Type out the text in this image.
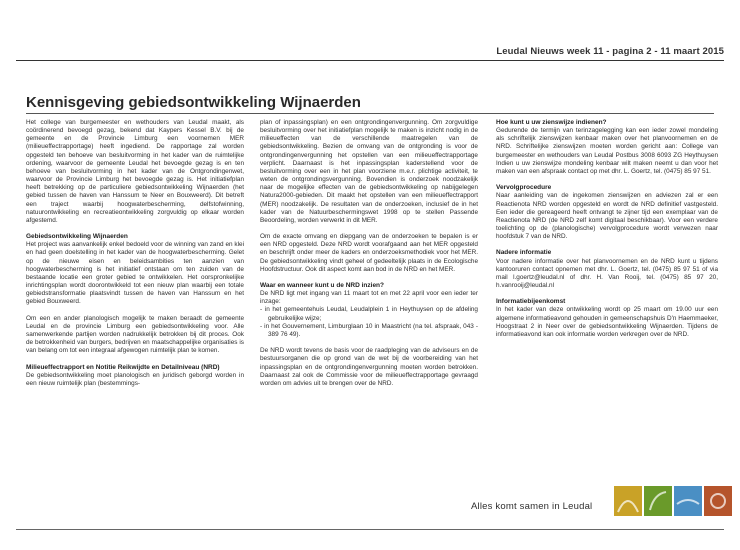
Leudal Nieuws week 11 - pagina 2 - 11 maart 2015
Kennisgeving gebiedsontwikkeling Wijnaerden

Het college van burgemeester en wethouders van Leudal maakt, als coördinerend bevoegd gezag, bekend dat Kaypers Kessel B.V. bij de gemeente en de Provincie Limburg een voornemen MER (milieueffectrapportage) heeft ingediend. De rapportage zal worden opgesteld ten behoeve van besluitvorming in het kader van de ruimtelijke ordening, waarvoor de gemeente Leudal het bevoegde gezag is en ten behoeve van besluitvorming in het kader van de Ontgrondingenwet, waarvoor de Provincie Limburg het bevoegde gezag is. Het initiatiefplan heeft betrekking op de particuliere gebiedsontwikkeling Wijnaerden (het gebied tussen de haven van Hanssum te Neer en Bouxweerd). Dit betreft een traject waarbij hoogwaterbescherming, delfstofwinning, natuurontwikkeling en recreatieontwikkeling zorgvuldig op elkaar worden afgestemd.

Gebiedsontwikkeling Wijnaerden

Het project was aanvankelijk enkel bedoeld voor de winning van zand en klei en had geen doelstelling in het kader van de hoogwaterbescherming. Gelet op de nieuwe eisen en beleidsambities ten aanzien van hoogwaterbescherming is het initiatief ontstaan om ten zuiden van de bestaande locatie een groter gebied te ontwikkelen. Het oorspronkelijke inrichtingsplan wordt doorontwikkeld tot een nieuw plan waarbij een totale gebiedstransformatie plaatsvindt tussen de haven van Hanssum en het gebied Bouxweerd.

Om een en ander planologisch mogelijk te maken beraadt de gemeente Leudal en de provincie Limburg een gebiedsontwikkeling voor. Alle samenwerkende partijen worden nadrukkelijk betrokken bij dit proces. Ook de betrokkenheid van burgers, bedrijven en maatschappelijke organisaties is van belang om tot een integraal afgewogen ruimtelijk plan te komen.

Milieueffectrapport en Notitie Reikwijdte en Detailniveau (NRD)

De gebiedsontwikkeling moet planologisch en juridisch geborgd worden in een nieuw ruimtelijk plan (bestemmings-

plan of inpassingsplan) en een ontgrondingenvergunning. Om zorgvuldige besluitvorming over het initiatiefplan mogelijk te maken is inzicht nodig in de milieueffecten van de verschillende maatregelen van de gebiedsontwikkeling. Bezien de omvang van de ontgronding is voor de ontgrondingenvergunning het opstellen van een milieueffectrapportage verplicht. Daarnaast is het inpassingsplan kaderstellend voor de besluitvorming over een in het plan voorziene m.e.r. plichtige activiteit, te weten de ontgrondingsvergunning. Bovendien is onderzoek noodzakelijk naar de mogelijke effecten van de gebiedsontwikkeling op nabijgelegen Natura2000-gebieden. Dit maakt het opstellen van een milieueffectrapport (MER) noodzakelijk. De resultaten van de onderzoeken, inclusief de in het kader van de Natuurbeschermingswet 1998 op te stellen Passende Beoordeling, worden verwerkt in dit MER.

Om de exacte omvang en diepgang van de onderzoeken te bepalen is er een NRD opgesteld. Deze NRD wordt voorafgaand aan het MER opgesteld en beschrijft onder meer de kaders en onderzoeksmethodiek voor het MER. De gebiedsontwikkeling vindt geheel of gedeeltelijk plaats in de Ecologische Hoofdstructuur. Ook dit aspect komt aan bod in de NRD en het MER.

Waar en wanneer kunt u de NRD inzien?

De NRD ligt met ingang van 11 maart tot en met 22 april voor een ieder ter inzage:

- in het gemeentehuis Leudal, Leudalplein 1 in Heythuysen op de afdeling gebruikelijke wijze;
- in het Gouvernement, Limburglaan 10 in Maastricht (na tel. afspraak, 043 - 389 76 49).

De NRD wordt tevens de basis voor de raadpleging van de adviseurs en de bestuursorganen die op grond van de wet bij de voorbereiding van het inpassingsplan en de ontgrondingenvergunning moeten worden betrokken. Daarnaast zal ook de Commissie voor de milieueffectrapportage gevraagd worden om advies uit te brengen over de NRD.

Hoe kunt u uw zienswijze indienen?

Gedurende de termijn van terinzagelegging kan een ieder zowel mondeling als schriftelijk zienswijzen kenbaar maken over het planvoornemen en de NRD. Schriftelijke zienswijzen moeten worden gericht aan: College van burgemeester en wethouders van Leudal Postbus 3008 6093 ZG Heythuysen Indien u uw zienswijze mondeling kenbaar wilt maken neemt u dan voor het maken van een afspraak contact op met dhr. L. Goertz, tel. (0475) 85 97 51.

Vervolgprocedure

Naar aanleiding van de ingekomen zienswijzen en adviezen zal er een Reactienota NRD worden opgesteld en wordt de NRD definitief vastgesteld. Een ieder die gereageerd heeft ontvangt te zijner tijd een exemplaar van de Reactienota NRD (de NRD zelf komt digitaal beschikbaar). Voor een verdere toelichting op de (planologische) vervolgprocedure wordt verwezen naar hoofdstuk 7 van de NRD.

Nadere informatie

Voor nadere informatie over het planvoornemen en de NRD kunt u tijdens kantooruren contact opnemen met dhr. L. Goertz, tel. (0475) 85 97 51 of via mail l.goertz@leudal.nl of dhr. H. Van Rooij, tel. (0475) 85 97 20, h.vanrooij@leudal.nl

Informatiebijeenkomst

In het kader van deze ontwikkeling wordt op 25 maart om 19.00 uur een algemene informatieavond gehouden in gemeenschapshuis D'n Haemmaeker, Hoogstraat 2 in Neer over de gebiedsontwikkeling Wijnaerden. Tijdens de informatieavond kan ook informatie worden verkregen over de NRD.

Alles komt samen in Leudal
